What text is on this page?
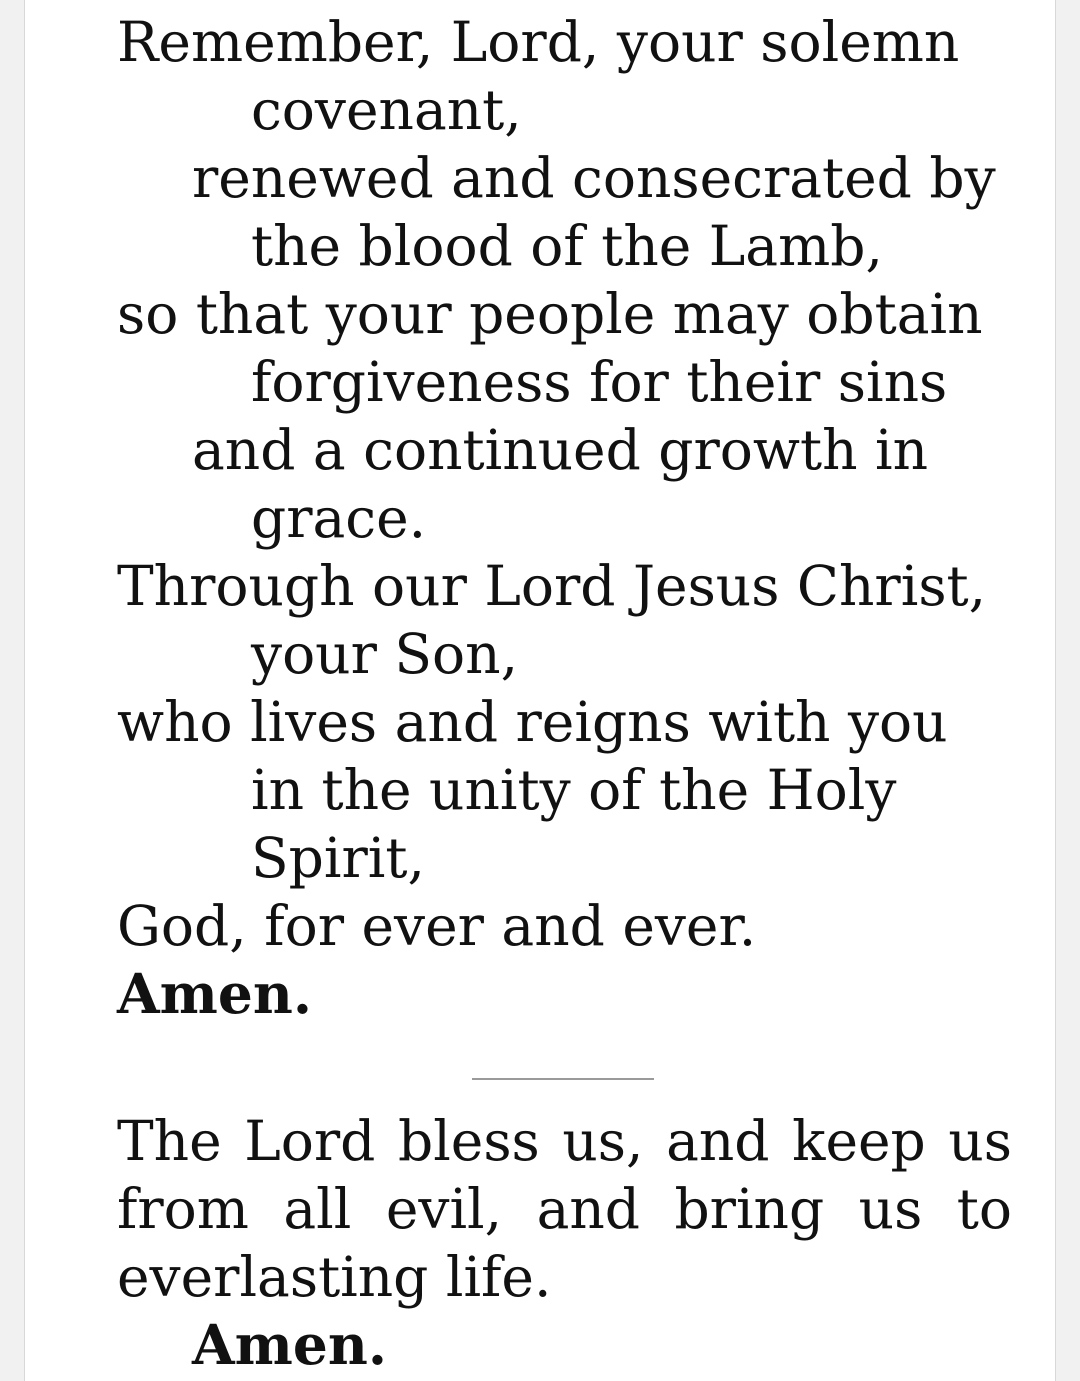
Remember, Lord, your solemn
covenant,
renewed and consecrated by
the blood of the Lamb,
so that your people may obtain
forgiveness for their sins
and a continued growth in
grace.
Through our Lord Jesus Christ,
your Son,
who lives and reigns with you
in the unity of the Holy
Spirit,
God, for ever and ever.
Amen.
The Lord bless us, and keep us from all evil, and bring us to everlasting life.
Amen.
